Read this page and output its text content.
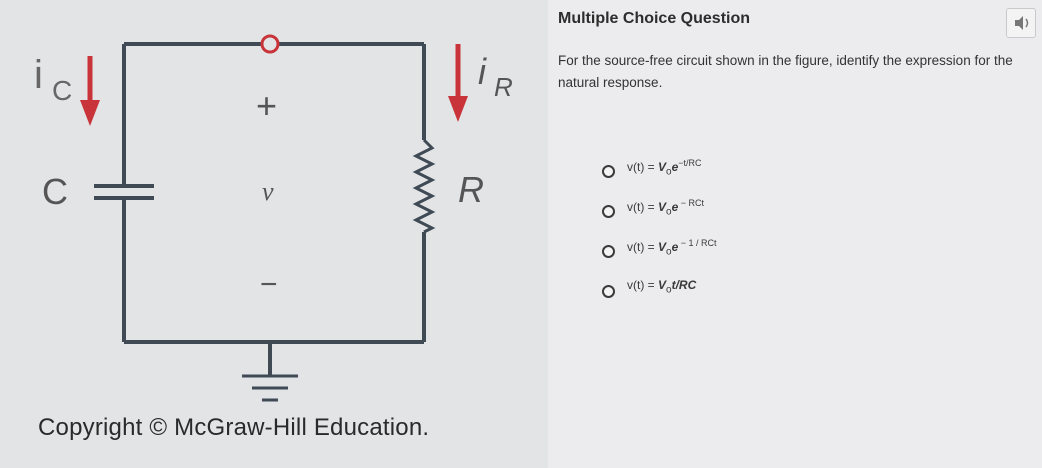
i C	i R
+
v
−
C	R
Copyright © McGraw-Hill Education.
Multiple Choice Question
For the source-free circuit shown in the figure, identify the expression for the
natural response.
$v(t) = V_oe^{-t/RC}$
$v(t) = V_oe$ $^{- RCt}$
$v(t) = V_oe$ $^{- 1 / RCt}$
$v(t) = V_ot/RC$
